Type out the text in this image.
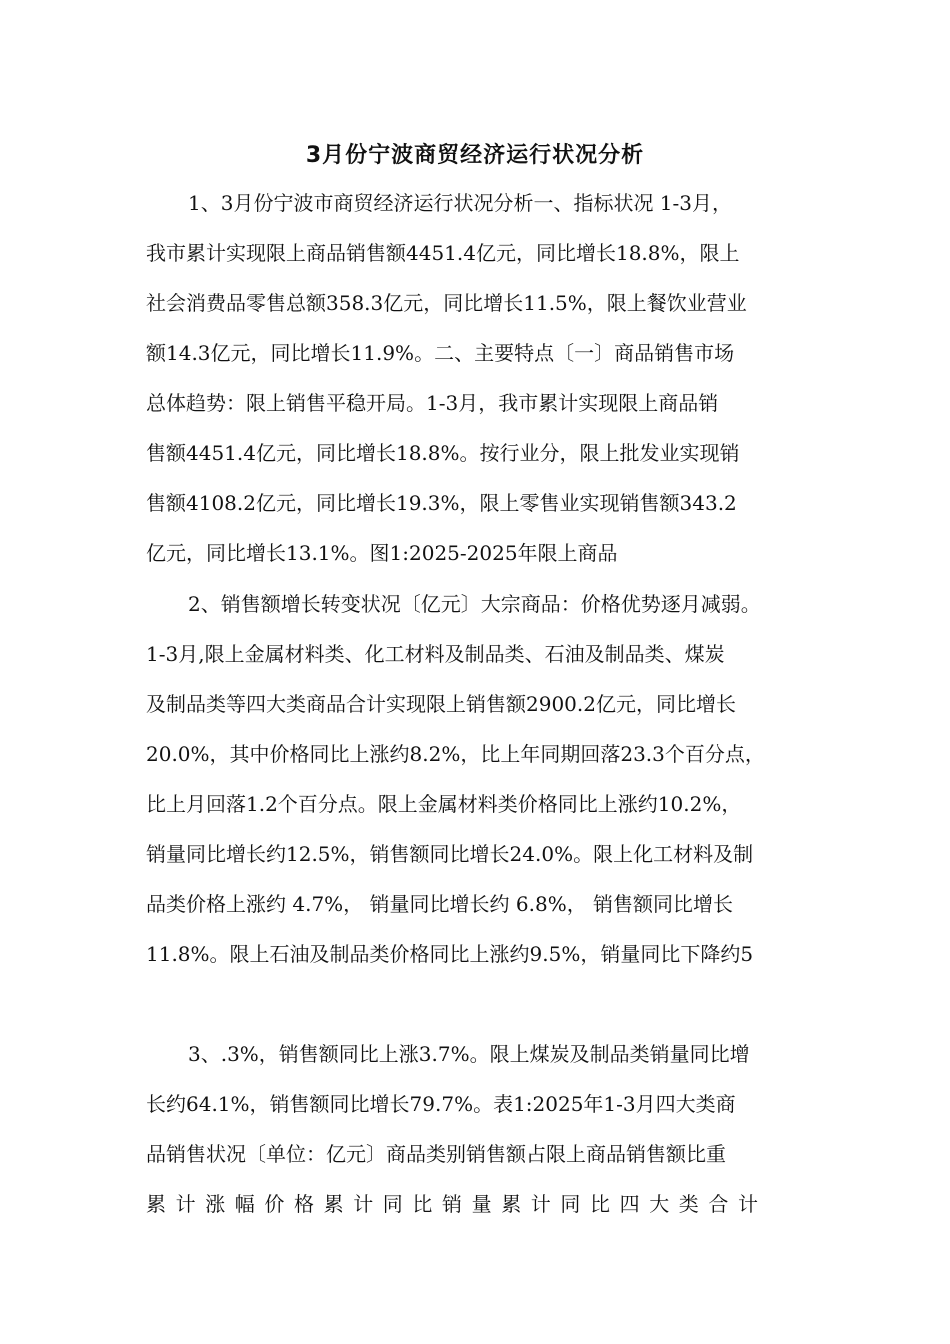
3月份宁波商贸经济运行状况分析
1、3月份宁波市商贸经济运行状况分析一、指标状况 1-3月，
我市累计实现限上商品销售额4451.4亿元，同比增长18.8%，限上
社会消费品零售总额358.3亿元，同比增长11.5%，限上餐饮业营业
额14.3亿元，同比增长11.9%。二、主要特点〔一〕商品销售市场
总体趋势：限上销售平稳开局。1-3月，我市累计实现限上商品销
售额4451.4亿元，同比增长18.8%。按行业分，限上批发业实现销
售额4108.2亿元，同比增长19.3%，限上零售业实现销售额343.2
亿元，同比增长13.1%。图1:2025-2025年限上商品
2、销售额增长转变状况〔亿元〕大宗商品：价格优势逐月减弱。
1-3月,限上金属材料类、化工材料及制品类、石油及制品类、煤炭
及制品类等四大类商品合计实现限上销售额2900.2亿元，同比增长
20.0%，其中价格同比上涨约8.2%，比上年同期回落23.3个百分点，
比上月回落1.2个百分点。限上金属材料类价格同比上涨约10.2%，
销量同比增长约12.5%，销售额同比增长24.0%。限上化工材料及制
品类价格上涨约 4.7%， 销量同比增长约 6.8%， 销售额同比增长
11.8%。限上石油及制品类价格同比上涨约9.5%，销量同比下降约5
3、.3%，销售额同比上涨3.7%。限上煤炭及制品类销量同比增
长约64.1%，销售额同比增长79.7%。表1:2025年1-3月四大类商
品销售状况〔单位：亿元〕商品类别销售额占限上商品销售额比重
累计涨幅价格累计同比销量累计同比四大类合计
